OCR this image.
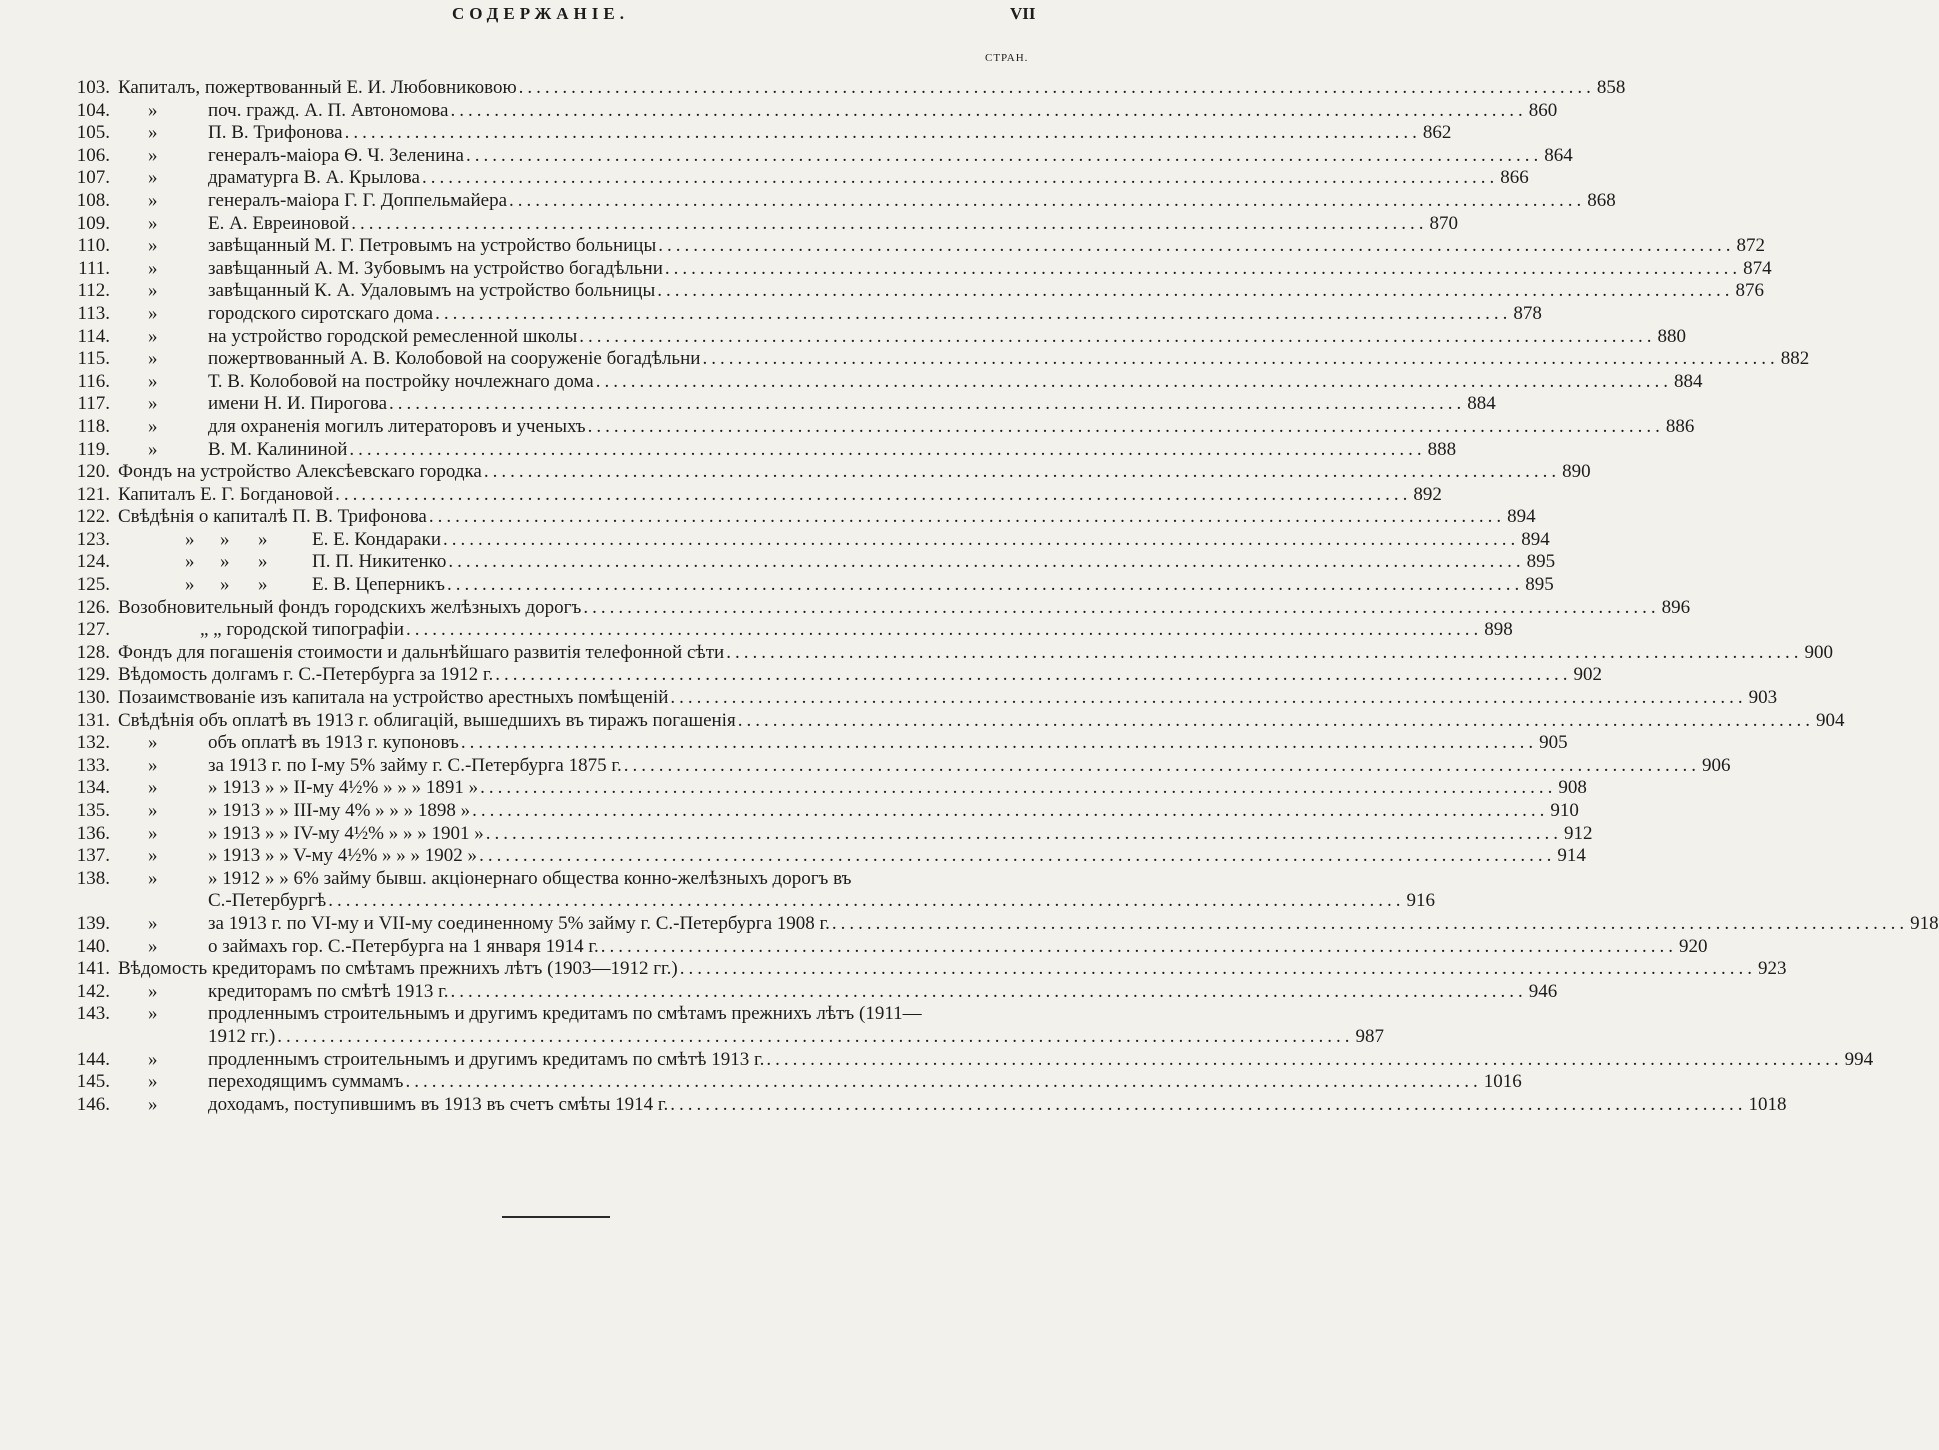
СОДЕРЖАНІЕ.	VII
СТРАН.
103. Капиталъ, пожертвованный Е. И. Любовниковою ........................................................................................................................... 858
104. »	поч. гражд. А. П. Автономова ........................................................................................................................... 860
105. »	П. В. Трифонова ........................................................................................................................... 862
106. »	генералъ-маіора Ѳ. Ч. Зеленина ........................................................................................................................... 864
107. »	драматурга В. А. Крылова ........................................................................................................................... 866
108. »	генералъ-маіора Г. Г. Доппельмайера ........................................................................................................................... 868
109. »	Е. А. Евреиновой ........................................................................................................................... 870
110. »	завѣщанный М. Г. Петровымъ на устройство больницы ........................................................................................................................... 872
111. »	завѣщанный А. М. Зубовымъ на устройство богадѣльни ........................................................................................................................... 874
112. »	завѣщанный К. А. Удаловымъ на устройство больницы ........................................................................................................................... 876
113. »	городского сиротскаго дома ........................................................................................................................... 878
114. »	на устройство городской ремесленной школы ........................................................................................................................... 880
115. »	пожертвованный А. В. Колобовой на сооруженіе богадѣльни ........................................................................................................................... 882
116. »	Т. В. Колобовой на постройку ночлежнаго дома ........................................................................................................................... 884
117. »	имени Н. И. Пирогова ........................................................................................................................... 884
118. »	для охраненія могилъ литераторовъ и ученыхъ ........................................................................................................................... 886
119. »	В. М. Калининой ........................................................................................................................... 888
120. Фондъ на устройство Алексѣевскаго городка ........................................................................................................................... 890
121. Капиталъ Е. Г. Богдановой ........................................................................................................................... 892
122. Свѣдѣнія о капиталѣ П. В. Трифонова ........................................................................................................................... 894
123.	» » » Е. Е. Кондараки ........................................................................................................................... 894
124.	» » » П. П. Никитенко ........................................................................................................................... 895
125.	» » » Е. В. Цеперникъ ........................................................................................................................... 895
126. Возобновительный фондъ городскихъ желѣзныхъ дорогъ ........................................................................................................................... 896
127.	„ „ городской типографіи ........................................................................................................................... 898
128. Фондъ для погашенія стоимости и дальнѣйшаго развитія телефонной сѣти ........................................................................................................................... 900
129. Вѣдомость долгамъ г. С.-Петербурга за 1912 г. ........................................................................................................................... 902
130. Позаимствованіе изъ капитала на устройство арестныхъ помѣщеній ........................................................................................................................... 903
131. Свѣдѣнія объ оплатѣ въ 1913 г. облигацій, вышедшихъ въ тиражъ погашенія ........................................................................................................................... 904
132. »	объ оплатѣ въ 1913 г. купоновъ ........................................................................................................................... 905
133. »	за 1913 г. по I-му 5% займу г. С.-Петербурга 1875 г. ........................................................................................................................... 906
134. »	» 1913 » » II-му 4½% » » » 1891 » ........................................................................................................................... 908
135. »	» 1913 » » III-му 4% » » » 1898 » ........................................................................................................................... 910
136. »	» 1913 » » IV-му 4½% » » » 1901 » ........................................................................................................................... 912
137. »	» 1913 » » V-му 4½% » » » 1902 » ........................................................................................................................... 914
138. »	» 1912 » » 6% займу бывш. акціонернаго общества конно-желѣзныхъ дорогъ въ
С.-Петербургѣ ........................................................................................................................... 916
139. »	за 1913 г. по VI-му и VII-му соединенному 5% займу г. С.-Петербурга 1908 г. ........................................................................................................................... 918
140. »	о займахъ гор. С.-Петербурга на 1 января 1914 г. ........................................................................................................................... 920
141. Вѣдомость кредиторамъ по смѣтамъ прежнихъ лѣтъ (1903—1912 гг.) ........................................................................................................................... 923
142. »	кредиторамъ по смѣтѣ 1913 г. ........................................................................................................................... 946
143. »	продленнымъ строительнымъ и другимъ кредитамъ по смѣтамъ прежнихъ лѣтъ (1911—
1912 гг.) ........................................................................................................................... 987
144. »	продленнымъ строительнымъ и другимъ кредитамъ по смѣтѣ 1913 г. ........................................................................................................................... 994
145. »	переходящимъ суммамъ ........................................................................................................................... 1016
146. »	доходамъ, поступившимъ въ 1913 въ счетъ смѣты 1914 г. ........................................................................................................................... 1018
